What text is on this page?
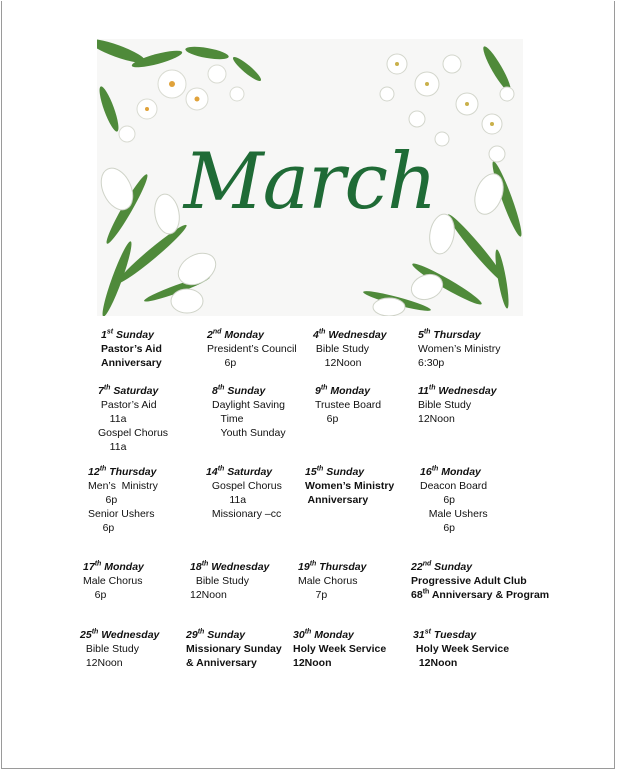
March
1st Sunday
Pastor’s Aid
Anniversary
2nd Monday
President’s Council
6p
4th Wednesday
Bible Study
12Noon
5th Thursday
Women’s Ministry
6:30p
7th Saturday
Pastor’s Aid
11a
Gospel Chorus
11a
8th Sunday
Daylight Saving
Time
Youth Sunday
9th Monday
Trustee Board
6p
11th Wednesday
Bible Study
12Noon
12th Thursday
Men’s  Ministry
6p
Senior Ushers
6p
14th Saturday
Gospel Chorus
11a
Missionary –cc
15th Sunday
Women’s Ministry
Anniversary
16th Monday
Deacon Board
6p
Male Ushers
6p
17th Monday
Male Chorus
6p
18th Wednesday
Bible Study
12Noon
19th Thursday
Male Chorus
7p
22nd Sunday
Progressive Adult Club
68th Anniversary & Program
25th Wednesday
Bible Study
12Noon
29th Sunday
Missionary Sunday
& Anniversary
30th Monday
Holy Week Service
12Noon
31st Tuesday
Holy Week Service
12Noon
